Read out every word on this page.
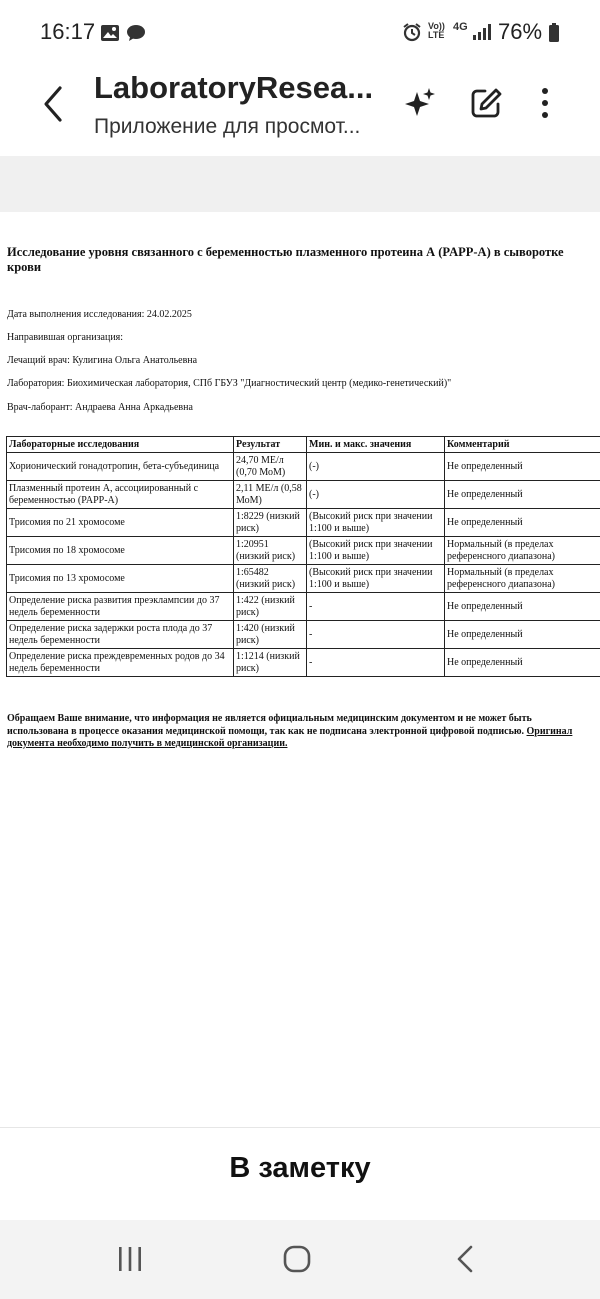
16:17	Vo))
LTE
4G 76%
LaboratoryResea...
Приложение для просмот...
Исследование уровня связанного с беременностью плазменного протеина А (PAPP-A) в сыворотке крови
Дата выполнения исследования: 24.02.2025
Направившая организация:
Лечащий врач: Кулигина Ольга Анатольевна
Лаборатория: Биохимическая лаборатория, СПб ГБУЗ "Диагностический центр (медико-генетический)"
Врач-лаборант: Андраева Анна Аркадьевна
Лабораторные исследования	Результат	Мин. и макс. значения	Комментарий
Хорионический гонадотропин, бета-субъединица	24,70 МЕ/л (0,70 МоМ)	(-)	Не определенный
Плазменный протеин А, ассоциированный с беременностью (PAPP-A)	2,11 МЕ/л (0,58 МоМ)	(-)	Не определенный
Трисомия по 21 хромосоме	1:8229 (низкий риск)	(Высокий риск при значении 1:100 и выше)	Не определенный
Трисомия по 18 хромосоме	1:20951 (низкий риск)	(Высокий риск при значении 1:100 и выше)	Нормальный (в пределах референсного диапазона)
Трисомия по 13 хромосоме	1:65482 (низкий риск)	(Высокий риск при значении 1:100 и выше)	Нормальный (в пределах референсного диапазона)
Определение риска развития преэклампсии до 37 недель беременности	1:422 (низкий риск)	-	Не определенный
Определение риска задержки роста плода до 37 недель беременности	1:420 (низкий риск)	-	Не определенный
Определение риска преждевременных родов до 34 недель беременности	1:1214 (низкий риск)	-	Не определенный
Обращаем Ваше внимание, что информация не является официальным медицинским документом и не может быть использована в процессе оказания медицинской помощи, так как не подписана электронной цифровой подписью. Оригинал документа необходимо получить в медицинской организации.
В заметку
